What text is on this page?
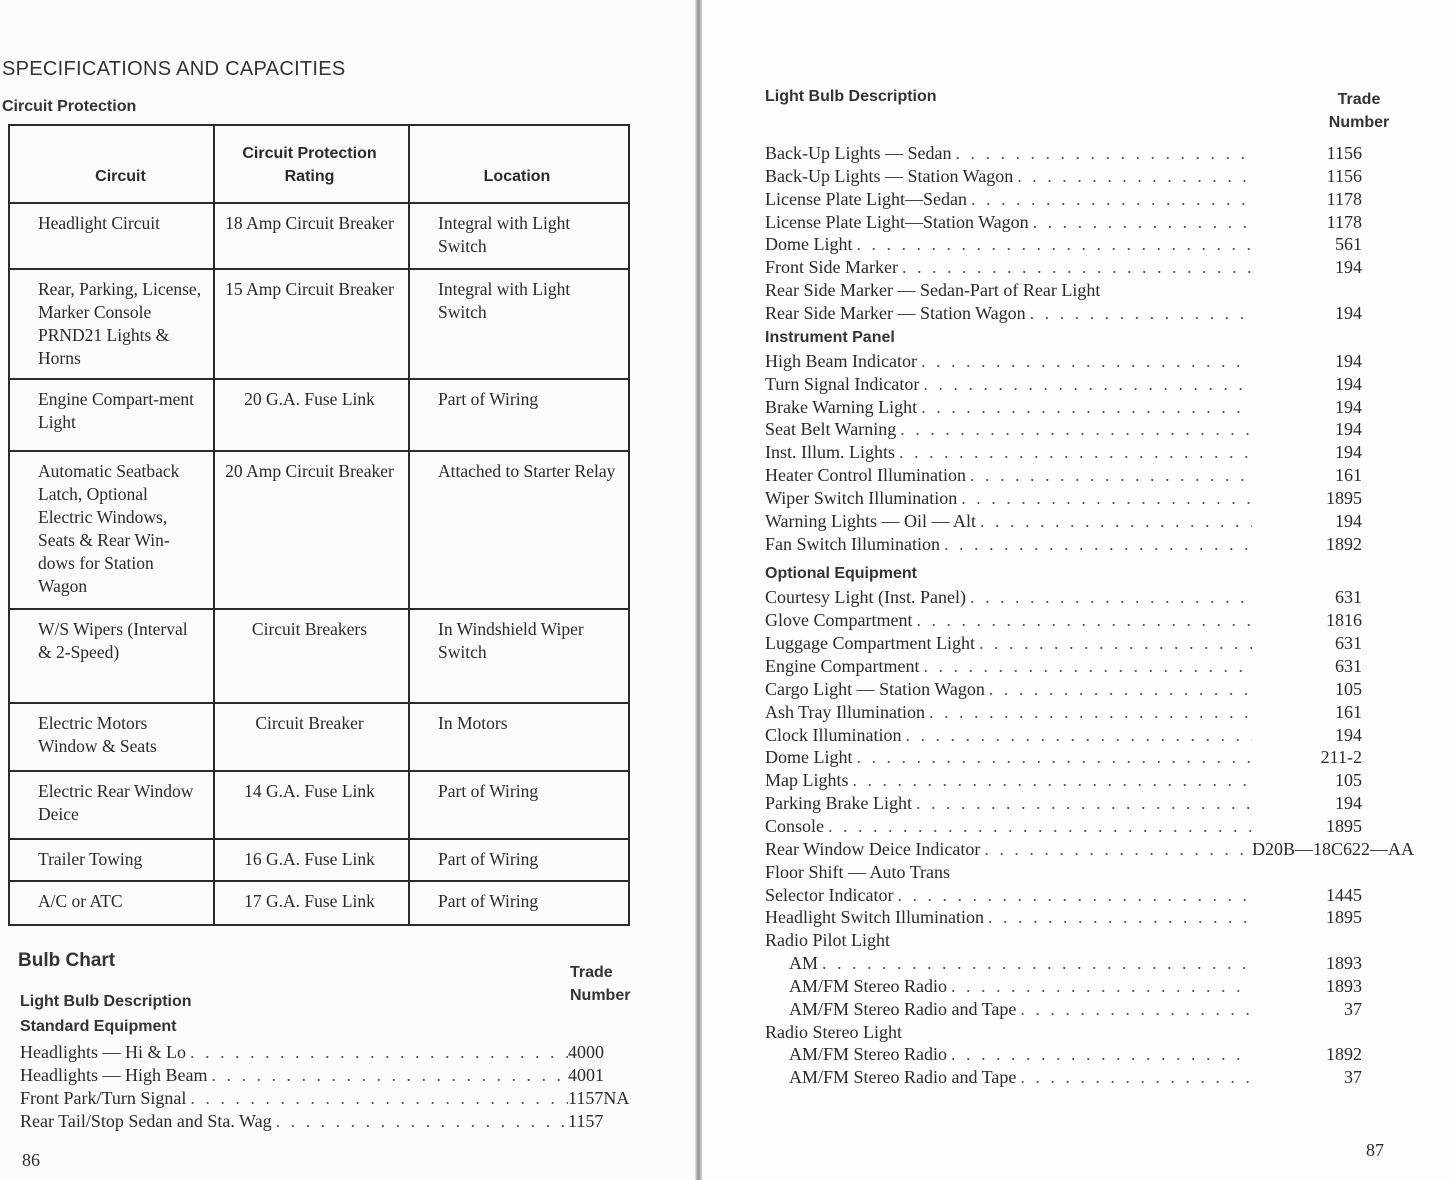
SPECIFICATIONS AND CAPACITIES
Circuit Protection
Circuit	Circuit Protection Rating	Location
Headlight Circuit	18 Amp Circuit Breaker	Integral with Light Switch
Rear, Parking, License, Marker Console PRND21 Lights & Horns	15 Amp Circuit Breaker	Integral with Light Switch
Engine Compart-ment Light	20 G.A. Fuse Link	Part of Wiring
Automatic Seatback Latch, Optional Electric Windows, Seats & Rear Win-dows for Station Wagon	20 Amp Circuit Breaker	Attached to Starter Relay
W/S Wipers (Interval & 2-Speed)	Circuit Breakers	In Windshield Wiper Switch
Electric Motors Window & Seats	Circuit Breaker	In Motors
Electric Rear Window Deice	14 G.A. Fuse Link	Part of Wiring
Trailer Towing	16 G.A. Fuse Link	Part of Wiring
A/C or ATC	17 G.A. Fuse Link	Part of Wiring
Bulb Chart
Trade Number
Light Bulb Description
Standard Equipment
Headlights — Hi & Lo . . .	4000
Headlights — High Beam . . .	4001
Front Park/Turn Signal . . .	1157NA
Rear Tail/Stop Sedan and Sta. Wag . . .	1157
86
Light Bulb Description	Trade Number
Back-Up Lights — Sedan . . .	1156
Back-Up Lights — Station Wagon . . .	1156
License Plate Light—Sedan . . .	1178
License Plate Light—Station Wagon . . .	1178
Dome Light . . .	561
Front Side Marker . . .	194
Rear Side Marker — Sedan-Part of Rear Light
Rear Side Marker — Station Wagon . . .	194
Instrument Panel
High Beam Indicator . . .	194
Turn Signal Indicator . . .	194
Brake Warning Light . . .	194
Seat Belt Warning . . .	194
Inst. Illum. Lights . . .	194
Heater Control Illumination . . .	161
Wiper Switch Illumination . . .	1895
Warning Lights — Oil — Alt . . .	194
Fan Switch Illumination . . .	1892
Optional Equipment
Courtesy Light (Inst. Panel) . . .	631
Glove Compartment . . .	1816
Luggage Compartment Light . . .	631
Engine Compartment . . .	631
Cargo Light — Station Wagon . . .	105
Ash Tray Illumination . . .	161
Clock Illumination . . .	194
Dome Light . . .	211-2
Map Lights . . .	105
Parking Brake Light . . .	194
Console . . .	1895
Rear Window Deice Indicator . . .	D20B—18C622—AA
Floor Shift — Auto Trans
Selector Indicator . . .	1445
Headlight Switch Illumination . . .	1895
Radio Pilot Light
AM . . .	1893
AM/FM Stereo Radio . . .	1893
AM/FM Stereo Radio and Tape . . .	37
Radio Stereo Light
AM/FM Stereo Radio . . .	1892
AM/FM Stereo Radio and Tape . . .	37
87
